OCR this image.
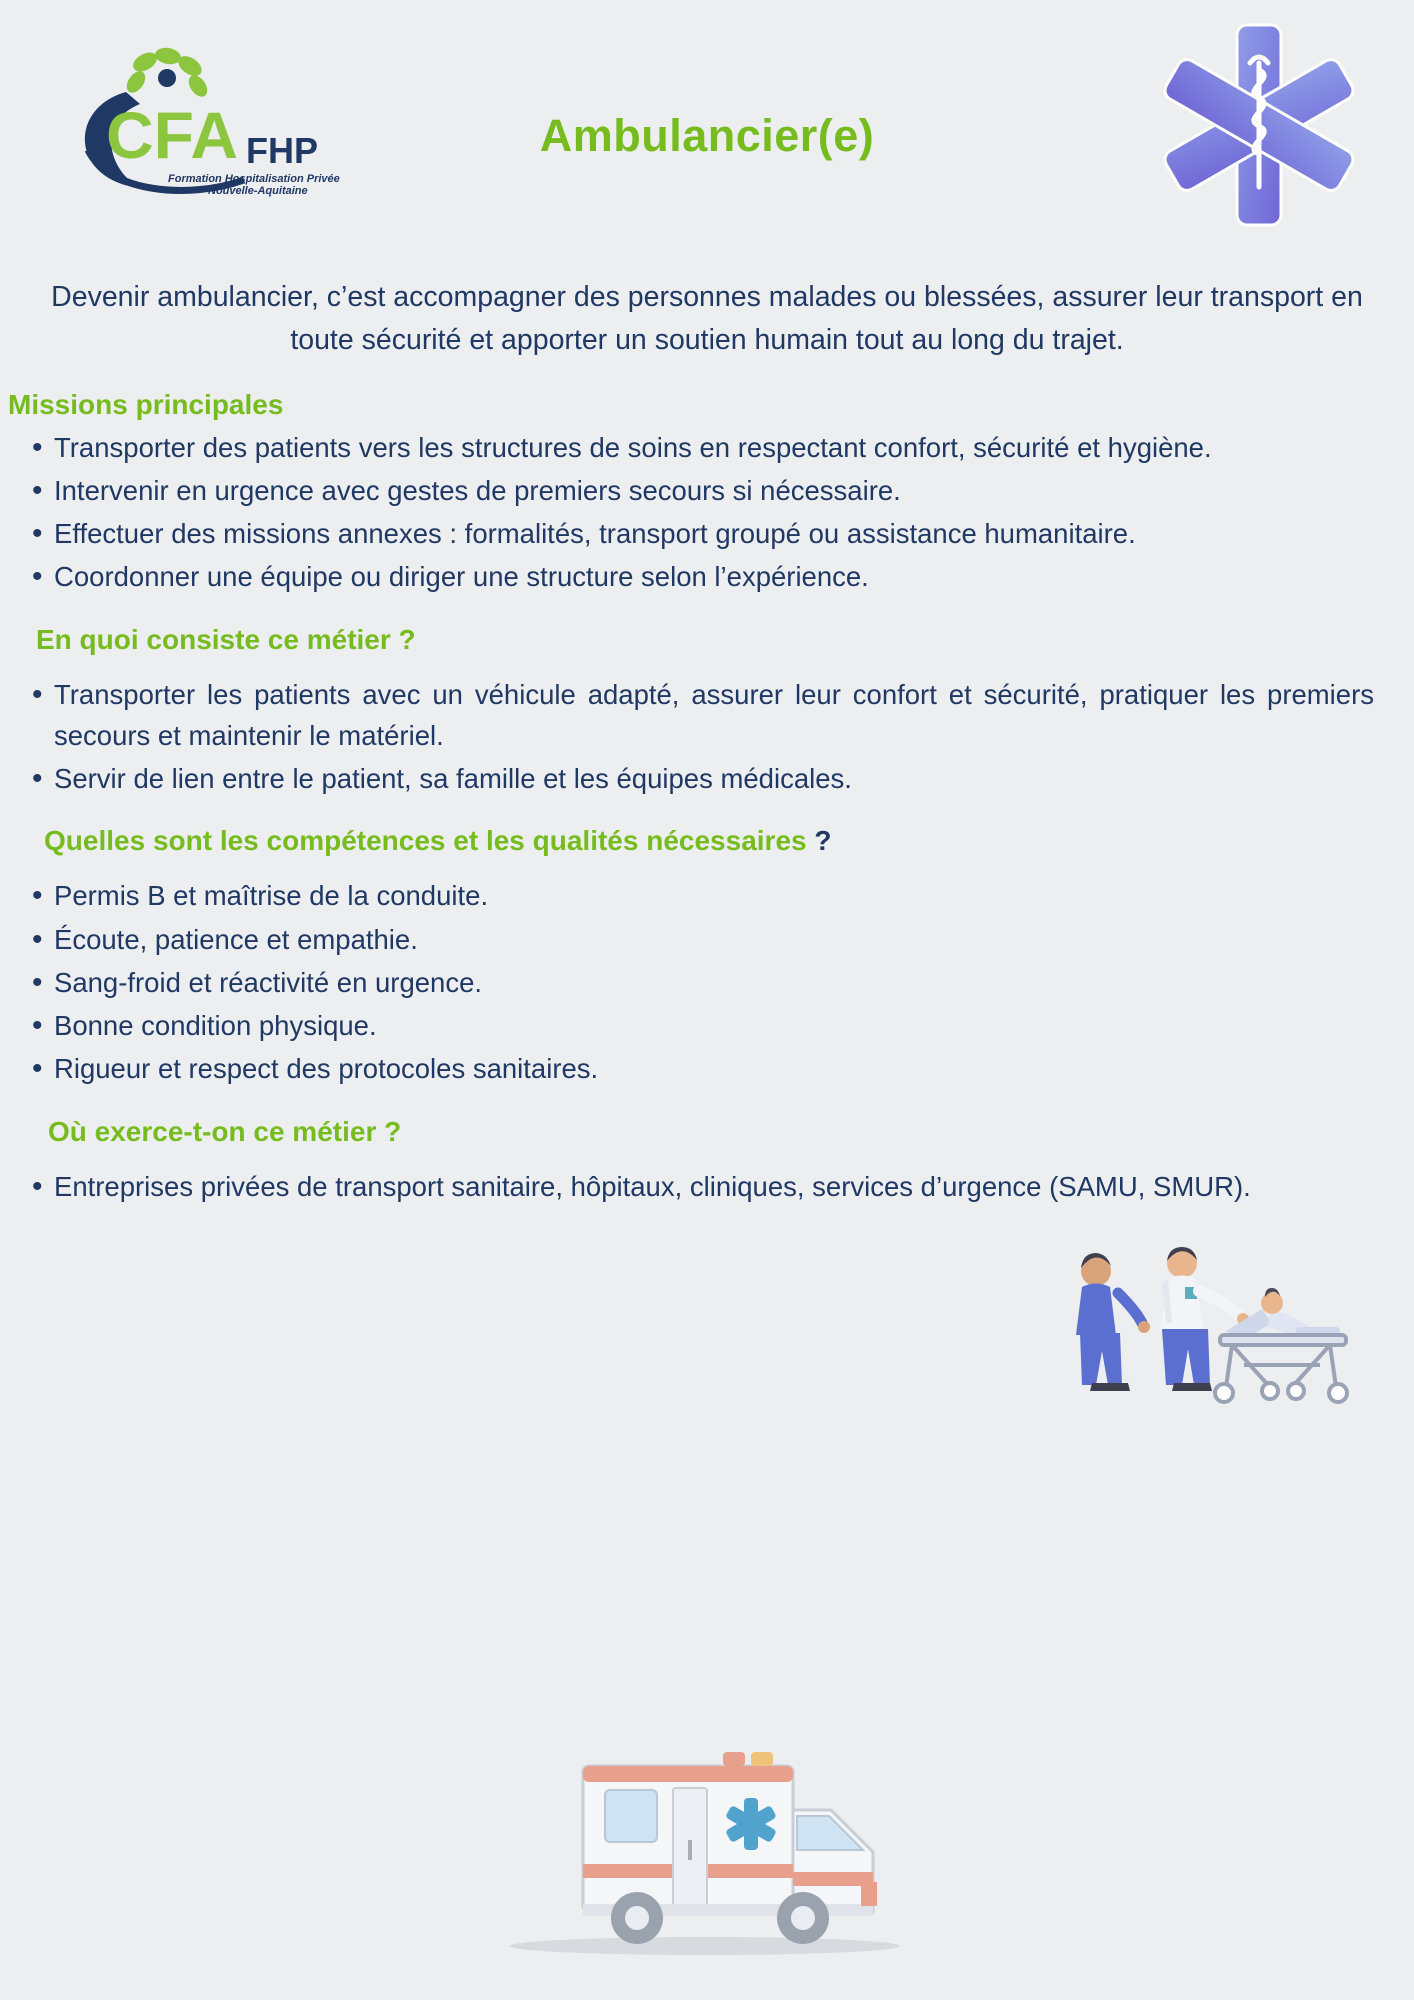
CFA FHP
Formation Hospitalisation Privée
Nouvelle-Aquitaine
Ambulancier(e)

Devenir ambulancier, c’est accompagner des personnes malades ou blessées, assurer leur transport en toute sécurité et apporter un soutien humain tout au long du trajet.

Missions principales
• Transporter des patients vers les structures de soins en respectant confort, sécurité et hygiène.
• Intervenir en urgence avec gestes de premiers secours si nécessaire.
• Effectuer des missions annexes : formalités, transport groupé ou assistance humanitaire.
• Coordonner une équipe ou diriger une structure selon l’expérience.
En quoi consiste ce métier ?
• Transporter les patients avec un véhicule adapté, assurer leur confort et sécurité, pratiquer les premiers secours et maintenir le matériel.
• Servir de lien entre le patient, sa famille et les équipes médicales.
Quelles sont les compétences et les qualités nécessaires ?
• Permis B et maîtrise de la conduite.
• Écoute, patience et empathie.
• Sang-froid et réactivité en urgence.
• Bonne condition physique.
• Rigueur et respect des protocoles sanitaires.
Où exerce-t-on ce métier ?
• Entreprises privées de transport sanitaire, hôpitaux, cliniques, services d’urgence (SAMU, SMUR).
